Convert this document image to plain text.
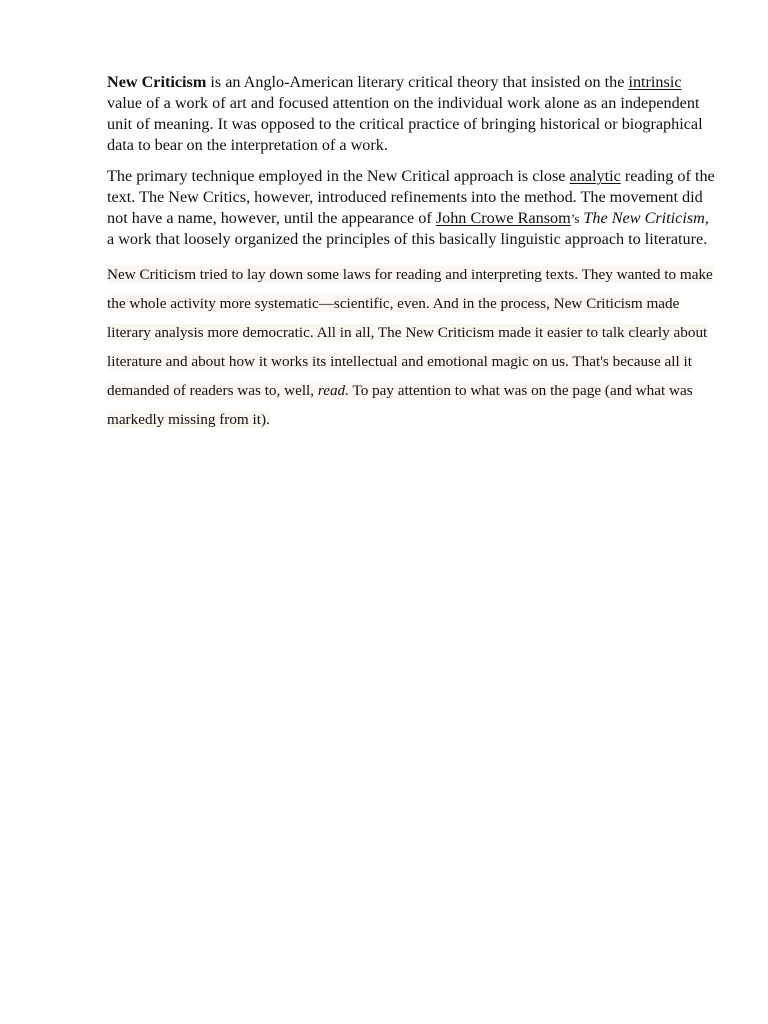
New Criticism is an Anglo-American literary critical theory that insisted on the intrinsic value of a work of art and focused attention on the individual work alone as an independent unit of meaning. It was opposed to the critical practice of bringing historical or biographical data to bear on the interpretation of a work.

The primary technique employed in the New Critical approach is close analytic reading of the text. The New Critics, however, introduced refinements into the method. The movement did not have a name, however, until the appearance of John Crowe Ransom’s The New Criticism, a work that loosely organized the principles of this basically linguistic approach to literature.

New Criticism tried to lay down some laws for reading and interpreting texts. They wanted to make the whole activity more systematic—scientific, even. And in the process, New Criticism made literary analysis more democratic. All in all, The New Criticism made it easier to talk clearly about literature and about how it works its intellectual and emotional magic on us. That's because all it demanded of readers was to, well, read. To pay attention to what was on the page (and what was markedly missing from it).
